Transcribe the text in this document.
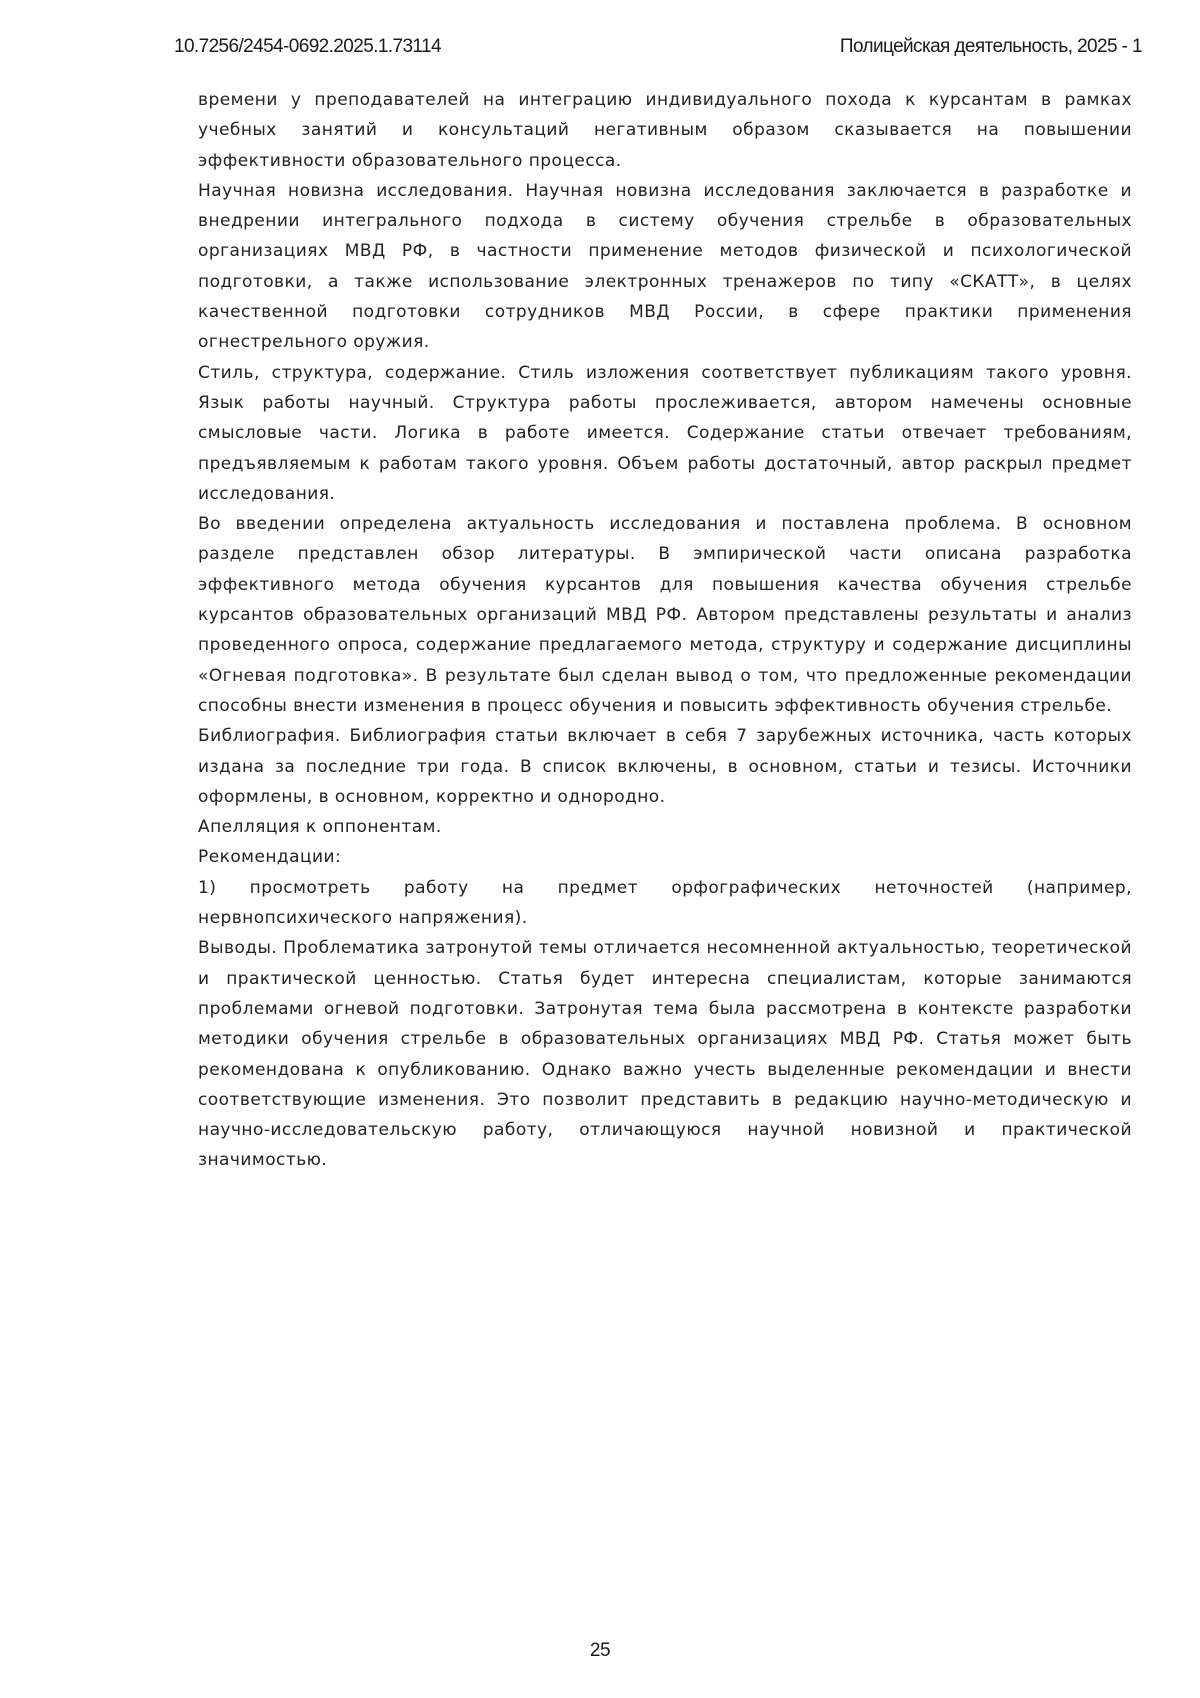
10.7256/2454-0692.2025.1.73114	Полицейская деятельность, 2025 - 1

времени у преподавателей на интеграцию индивидуального похода к курсантам в рамках учебных занятий и консультаций негативным образом сказывается на повышении эффективности образовательного процесса.

Научная новизна исследования. Научная новизна исследования заключается в разработке и внедрении интегрального подхода в систему обучения стрельбе в образовательных организациях МВД РФ, в частности применение методов физической и психологической подготовки, а также использование электронных тренажеров по типу «СКАТТ», в целях качественной подготовки сотрудников МВД России, в сфере практики применения огнестрельного оружия.

Стиль, структура, содержание. Стиль изложения соответствует публикациям такого уровня. Язык работы научный. Структура работы прослеживается, автором намечены основные смысловые части. Логика в работе имеется. Содержание статьи отвечает требованиям, предъявляемым к работам такого уровня. Объем работы достаточный, автор раскрыл предмет исследования.

Во введении определена актуальность исследования и поставлена проблема. В основном разделе представлен обзор литературы. В эмпирической части описана разработка эффективного метода обучения курсантов для повышения качества обучения стрельбе курсантов образовательных организаций МВД РФ. Автором представлены результаты и анализ проведенного опроса, содержание предлагаемого метода, структуру и содержание дисциплины «Огневая подготовка». В результате был сделан вывод о том, что предложенные рекомендации способны внести изменения в процесс обучения и повысить эффективность обучения стрельбе.

Библиография. Библиография статьи включает в себя 7 зарубежных источника, часть которых издана за последние три года. В список включены, в основном, статьи и тезисы. Источники оформлены, в основном, корректно и однородно.

Апелляция к оппонентам.

Рекомендации:

1) просмотреть работу на предмет орфографических неточностей (например, нервнопсихического напряжения).

Выводы. Проблематика затронутой темы отличается несомненной актуальностью, теоретической и практической ценностью. Статья будет интересна специалистам, которые занимаются проблемами огневой подготовки. Затронутая тема была рассмотрена в контексте разработки методики обучения стрельбе в образовательных организациях МВД РФ. Статья может быть рекомендована к опубликованию. Однако важно учесть выделенные рекомендации и внести соответствующие изменения. Это позволит представить в редакцию научно-методическую и научно-исследовательскую работу, отличающуюся научной новизной и практической значимостью.

25
